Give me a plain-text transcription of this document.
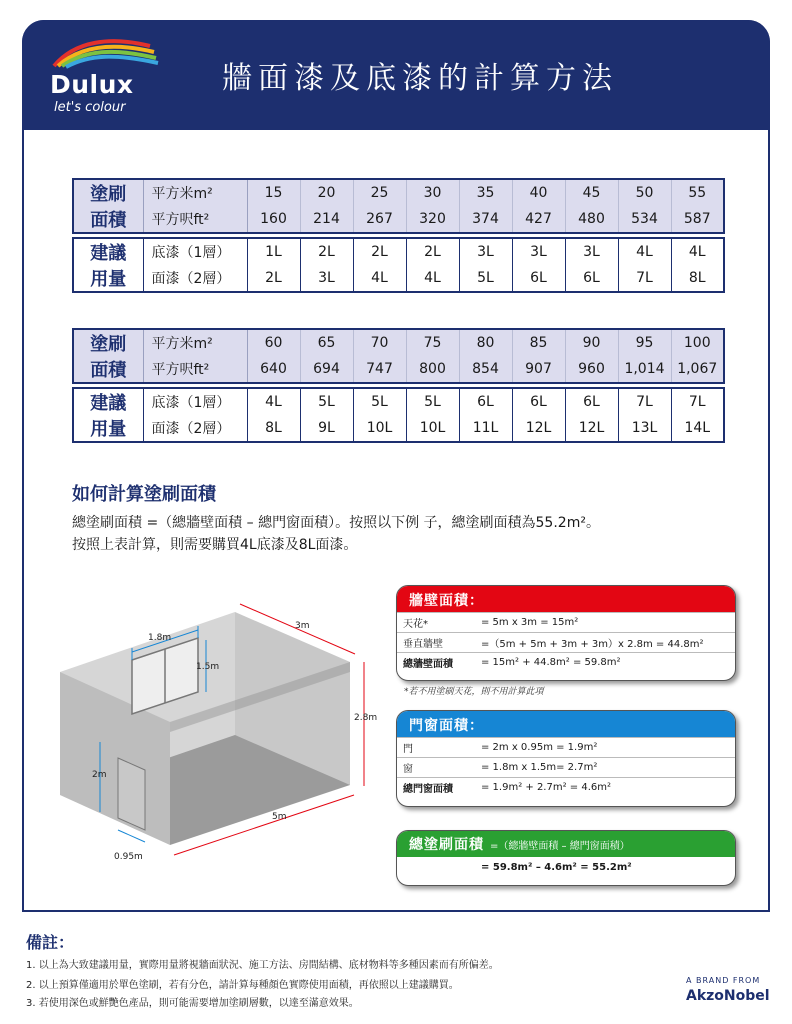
Dulux
let's colour
牆面漆及底漆的計算方法
塗刷
面積	平方米m²	15	20	25	30	35	40	45	50	55
	平方呎ft²	160	214	267	320	374	427	480	534	587
建議
用量	底漆（1層）	1L	2L	2L	2L	3L	3L	3L	4L	4L
	面漆（2層）	2L	3L	4L	4L	5L	6L	6L	7L	8L
塗刷
面積	平方米m²	60	65	70	75	80	85	90	95	100
	平方呎ft²	640	694	747	800	854	907	960	1,014	1,067
建議
用量	底漆（1層）	4L	5L	5L	5L	6L	6L	6L	7L	7L
	面漆（2層）	8L	9L	10L	10L	11L	12L	12L	13L	14L
如何計算塗刷面積
總塗刷面積 =（總牆壁面積 – 總門窗面積）。按照以下例 子，總塗刷面積為55.2m²。
按照上表計算，則需要購買4L底漆及8L面漆。
1.8m
1.5m
3m
2.8m
5m
2m
0.95m
牆壁面積：
天花*	= 5m x 3m = 15m²
垂直牆壁	=（5m + 5m + 3m + 3m）x 2.8m = 44.8m²
總牆壁面積	= 15m² + 44.8m² = 59.8m²
*若不用塗刷天花，則不用計算此項
門窗面積：
門	= 2m x 0.95m = 1.9m²
窗	= 1.8m x 1.5m= 2.7m²
總門窗面積	= 1.9m² + 2.7m² = 4.6m²
總塗刷面積 =（總牆壁面積 – 總門窗面積）
= 59.8m² – 4.6m² = 55.2m²
備註：
1. 以上為大致建議用量，實際用量將視牆面狀況、施工方法、房間結構、底材物料等多種因素而有所偏差。
2. 以上預算僅適用於單色塗刷，若有分色，請計算每種顏色實際使用面積，再依照以上建議購買。
3. 若使用深色或鮮艷色產品，則可能需要增加塗刷層數，以達至滿意效果。
A BRAND FROM
AkzoNobel
